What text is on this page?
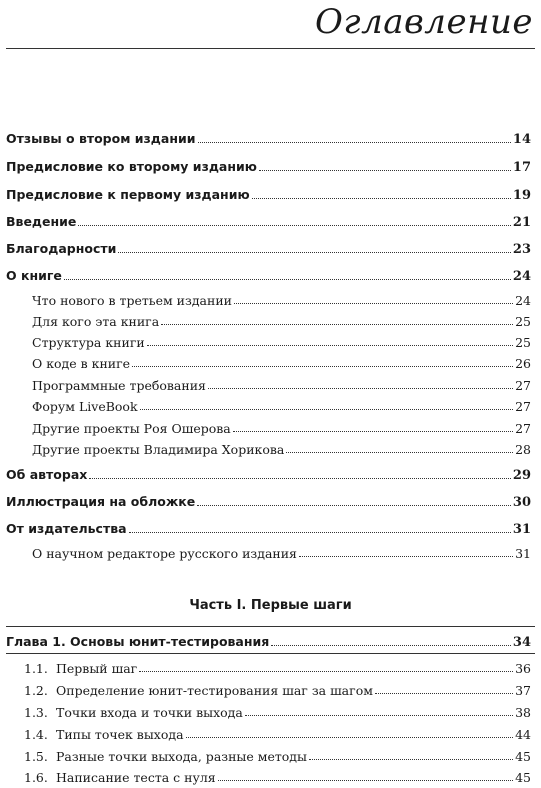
Оглавление
Отзывы о втором издании	14
Предисловие ко второму изданию	17
Предисловие к первому изданию	19
Введение	21
Благодарности	23
О книге	24
Что нового в третьем издании	24
Для кого эта книга	25
Структура книги	25
О коде в книге	26
Программные требования	27
Форум LiveBook	27
Другие проекты Роя Ошерова	27
Другие проекты Владимира Хорикова	28
Об авторах	29
Иллюстрация на обложке	30
От издательства	31
О научном редакторе русского издания	31
Часть I. Первые шаги
Глава 1. Основы юнит-тестирования	34
1.1. Первый шаг	36
1.2. Определение юнит-тестирования шаг за шагом	37
1.3. Точки входа и точки выхода	38
1.4. Типы точек выхода	44
1.5. Разные точки выхода, разные методы	45
1.6. Написание теста с нуля	45
